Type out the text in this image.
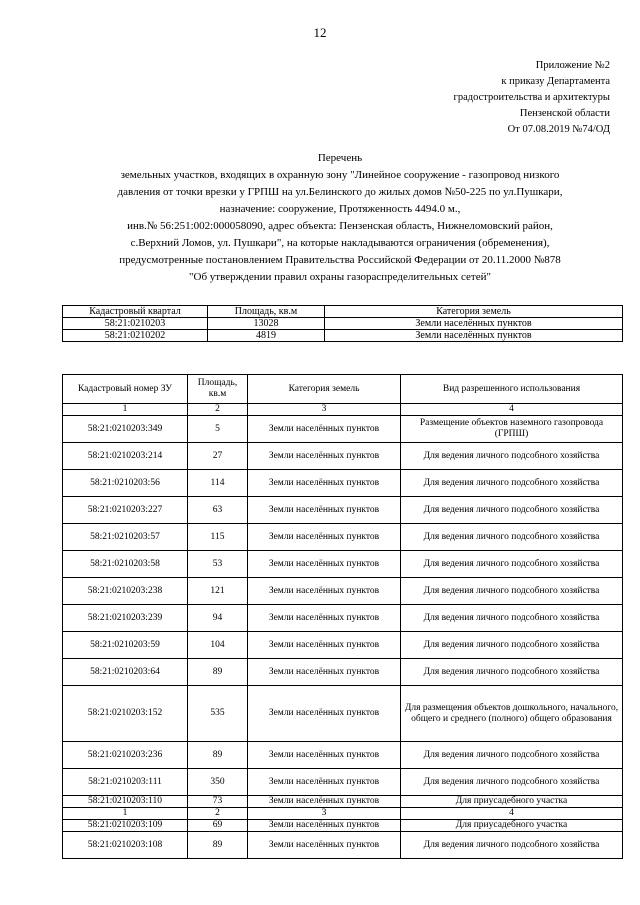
12
Приложение №2
к приказу Департамента
градостроительства и архитектуры
Пензенской области
От 07.08.2019 №74/ОД
Перечень
земельных участков, входящих в охранную зону "Линейное сооружение - газопровод низкого
давления от точки врезки у ГРПШ на ул.Белинского до жилых домов №50-225 по ул.Пушкари,
назначение: сооружение, Протяженность 4494.0 м.,
инв.№ 56:251:002:000058090, адрес объекта: Пензенская область, Нижнеломовский район,
с.Верхний Ломов, ул. Пушкари", на которые накладываются ограничения (обременения),
предусмотренные постановлением Правительства Российской Федерации от 20.11.2000 №878
"Об утверждении правил охраны газораспределительных сетей"
Кадастровый квартал	Площадь, кв.м	Категория земель
58:21:0210203	13028	Земли населённых пунктов
58:21:0210202	4819	Земли населённых пунктов
Кадастровый номер ЗУ	Площадь, кв.м	Категория земель	Вид разрешенного использования
1	2	3	4
58:21:0210203:349	5	Земли населённых пунктов	Размещение объектов наземного газопровода (ГРПШ)
58:21:0210203:214	27	Земли населённых пунктов	Для ведения личного подсобного хозяйства
58:21:0210203:56	114	Земли населённых пунктов	Для ведения личного подсобного хозяйства
58:21:0210203:227	63	Земли населённых пунктов	Для ведения личного подсобного хозяйства
58:21:0210203:57	115	Земли населённых пунктов	Для ведения личного подсобного хозяйства
58:21:0210203:58	53	Земли населённых пунктов	Для ведения личного подсобного хозяйства
58:21:0210203:238	121	Земли населённых пунктов	Для ведения личного подсобного хозяйства
58:21:0210203:239	94	Земли населённых пунктов	Для ведения личного подсобного хозяйства
58:21:0210203:59	104	Земли населённых пунктов	Для ведения личного подсобного хозяйства
58:21:0210203:64	89	Земли населённых пунктов	Для ведения личного подсобного хозяйства
58:21:0210203:152	535	Земли населённых пунктов	Для размещения объектов дошкольного, начального, общего и среднего (полного) общего образования
58:21:0210203:236	89	Земли населённых пунктов	Для ведения личного подсобного хозяйства
58:21:0210203:111	350	Земли населённых пунктов	Для ведения личного подсобного хозяйства
58:21:0210203:110	73	Земли населённых пунктов	Для приусадебного участка
1	2	3	4
58:21:0210203:109	69	Земли населённых пунктов	Для приусадебного участка
58:21:0210203:108	89	Земли населённых пунктов	Для ведения личного подсобного хозяйства
